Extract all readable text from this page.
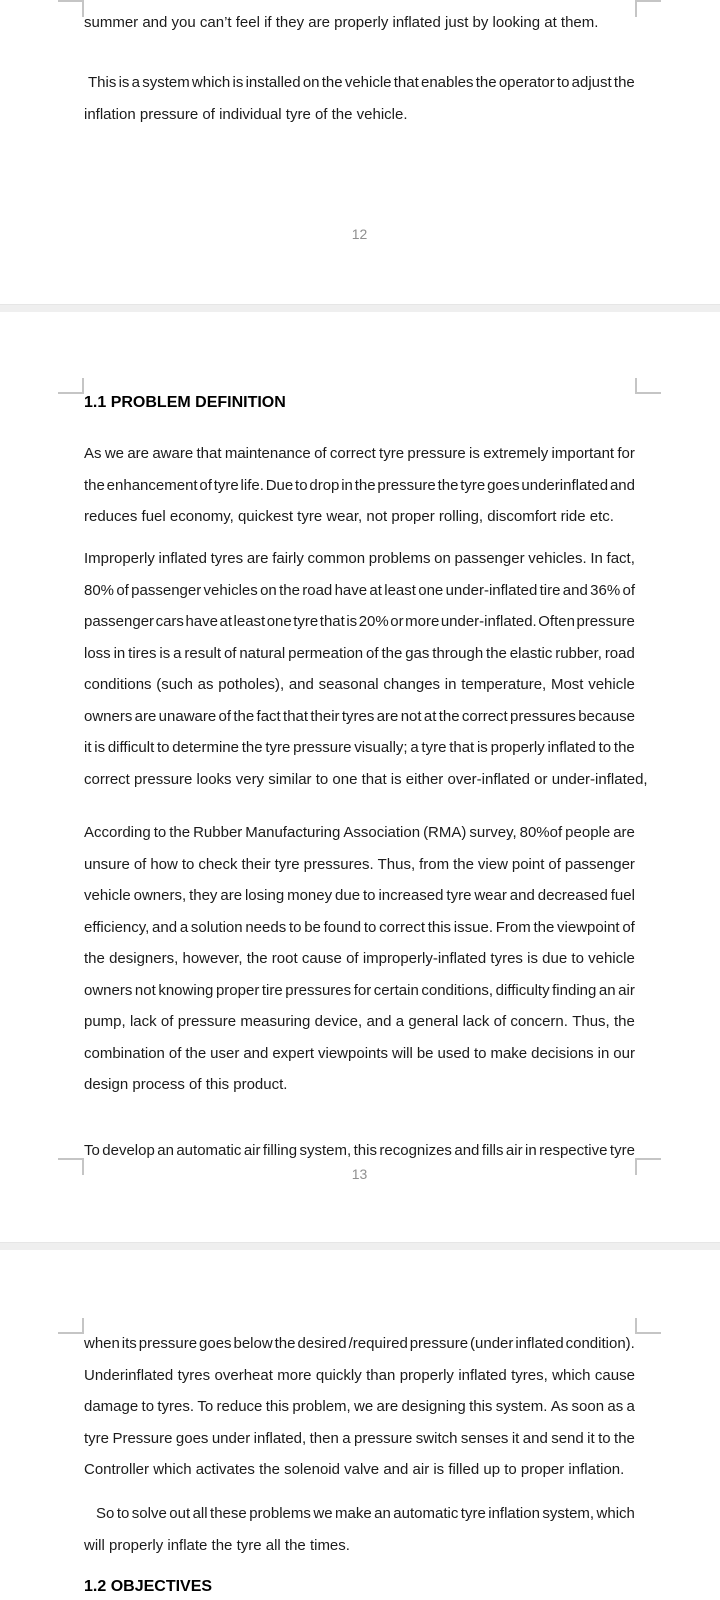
summer and you can’t feel if they are properly inflated just by looking at them.
This is a system which is installed on the vehicle that enables the operator to adjust the
inflation pressure of individual tyre of the vehicle.
12
1.1 PROBLEM DEFINITION
As we are aware that maintenance of correct tyre pressure is extremely important for
the enhancement of tyre life. Due to drop in the pressure the tyre goes underinflated and
reduces fuel economy, quickest tyre wear, not proper rolling, discomfort ride etc.
Improperly inflated tyres are fairly common problems on passenger vehicles. In fact,
80% of passenger vehicles on the road have at least one under-inflated tire and 36% of
passenger cars have at least one tyre that is 20% or more under-inflated. Often pressure
loss in tires is a result of natural permeation of the gas through the elastic rubber, road
conditions (such as potholes), and seasonal changes in temperature, Most vehicle
owners are unaware of the fact that their tyres are not at the correct pressures because
it is difficult to determine the tyre pressure visually; a tyre that is properly inflated to the
correct pressure looks very similar to one that is either over-inflated or under-inflated,
According to the Rubber Manufacturing Association (RMA) survey, 80%of people are
unsure of how to check their tyre pressures. Thus, from the view point of passenger
vehicle owners, they are losing money due to increased tyre wear and decreased fuel
efficiency, and a solution needs to be found to correct this issue. From the viewpoint of
the designers, however, the root cause of improperly-inflated tyres is due to vehicle
owners not knowing proper tire pressures for certain conditions, difficulty finding an air
pump, lack of pressure measuring device, and a general lack of concern. Thus, the
combination of the user and expert viewpoints will be used to make decisions in our
design process of this product.
To develop an automatic air filling system, this recognizes and fills air in respective tyre
13
when its pressure goes below the desired /required pressure (under inflated condition).
Underinflated tyres overheat more quickly than properly inflated tyres, which cause
damage to tyres. To reduce this problem, we are designing this system. As soon as a
tyre Pressure goes under inflated, then a pressure switch senses it and send it to the
Controller which activates the solenoid valve and air is filled up to proper inflation.
So to solve out all these problems we make an automatic tyre inflation system, which
will properly inflate the tyre all the times.
1.2 OBJECTIVES
